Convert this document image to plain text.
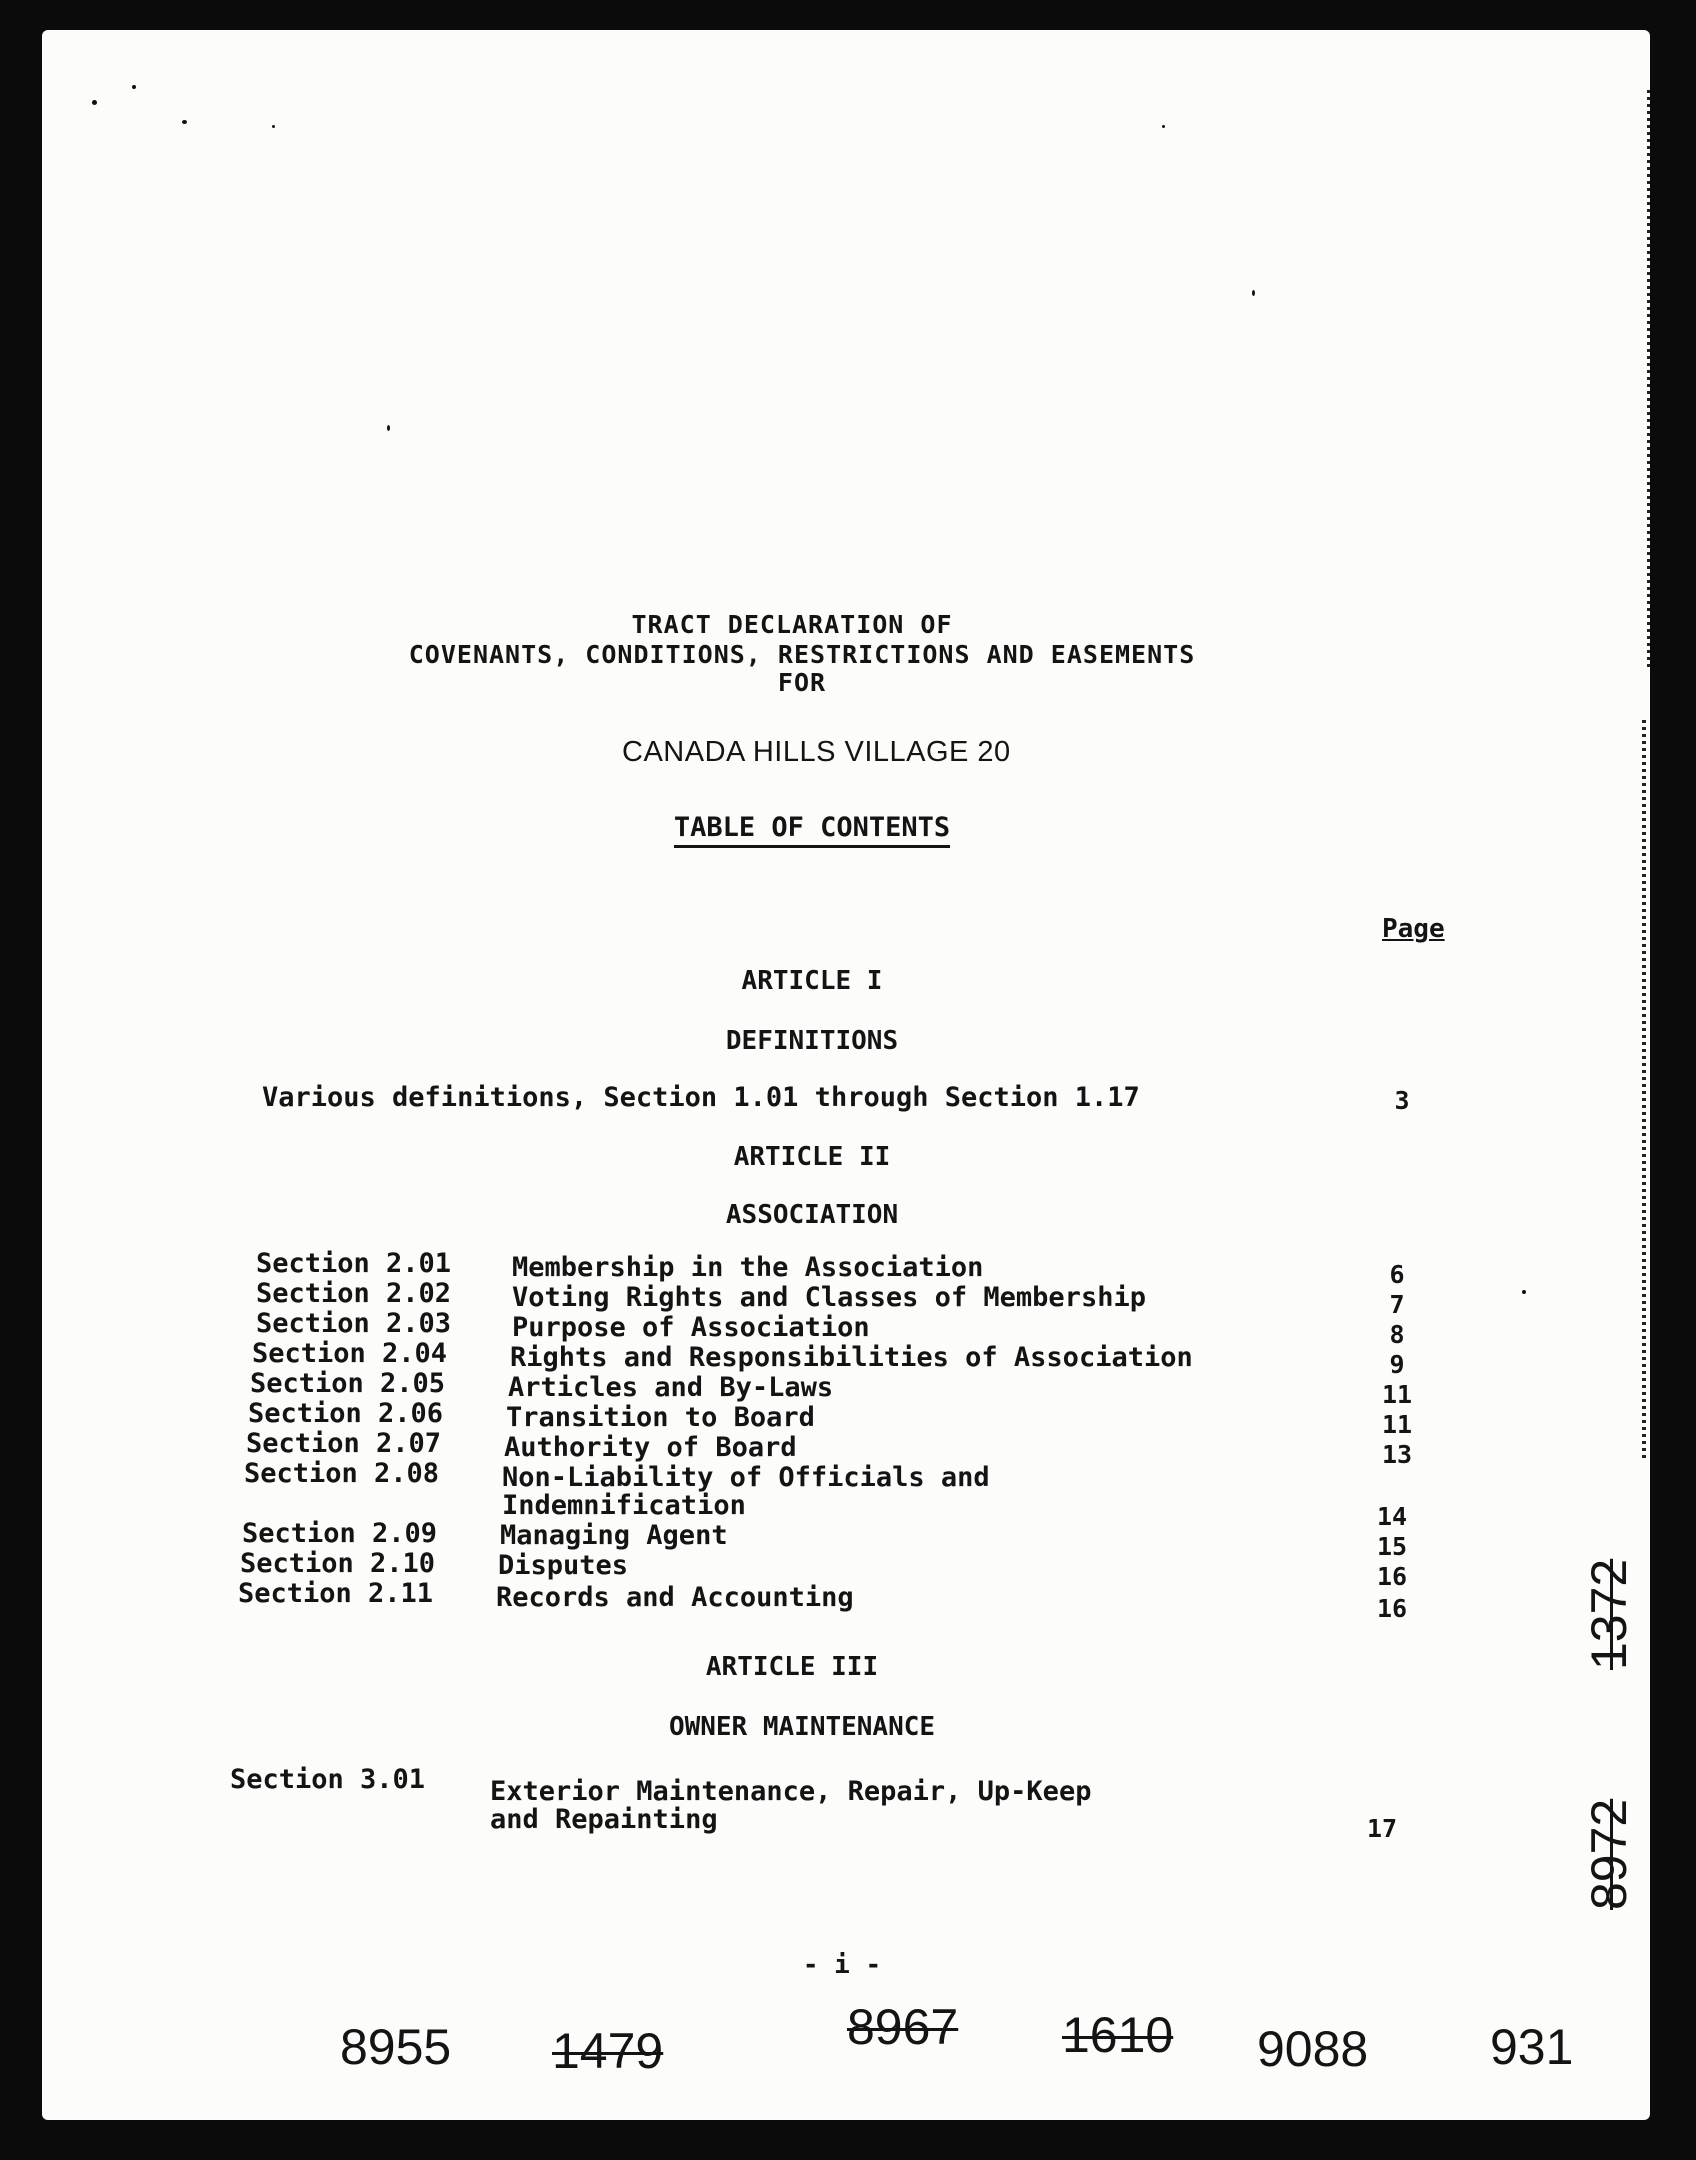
TRACT DECLARATION OF
COVENANTS, CONDITIONS, RESTRICTIONS AND EASEMENTS
FOR
CANADA HILLS VILLAGE 20
TABLE OF CONTENTS
Page
ARTICLE I
DEFINITIONS
Various definitions, Section 1.01 through Section 1.17	3
ARTICLE II
ASSOCIATION
Section 2.01 Membership in the Association	6
Section 2.02 Voting Rights and Classes of Membership	7
Section 2.03 Purpose of Association	8
Section 2.04 Rights and Responsibilities of Association	9
Section 2.05 Articles and By-Laws	11
Section 2.06 Transition to Board	11
Section 2.07 Authority of Board	13
Section 2.08 Non-Liability of Officials and
Indemnification	14
Section 2.09 Managing Agent	15
Section 2.10 Disputes	16
Section 2.11 Records and Accounting	16
ARTICLE III
OWNER MAINTENANCE
Section 3.01 Exterior Maintenance, Repair, Up-Keep
and Repainting	17
- i -
8955 1479	8967 1610 9088 931
8972
1372
